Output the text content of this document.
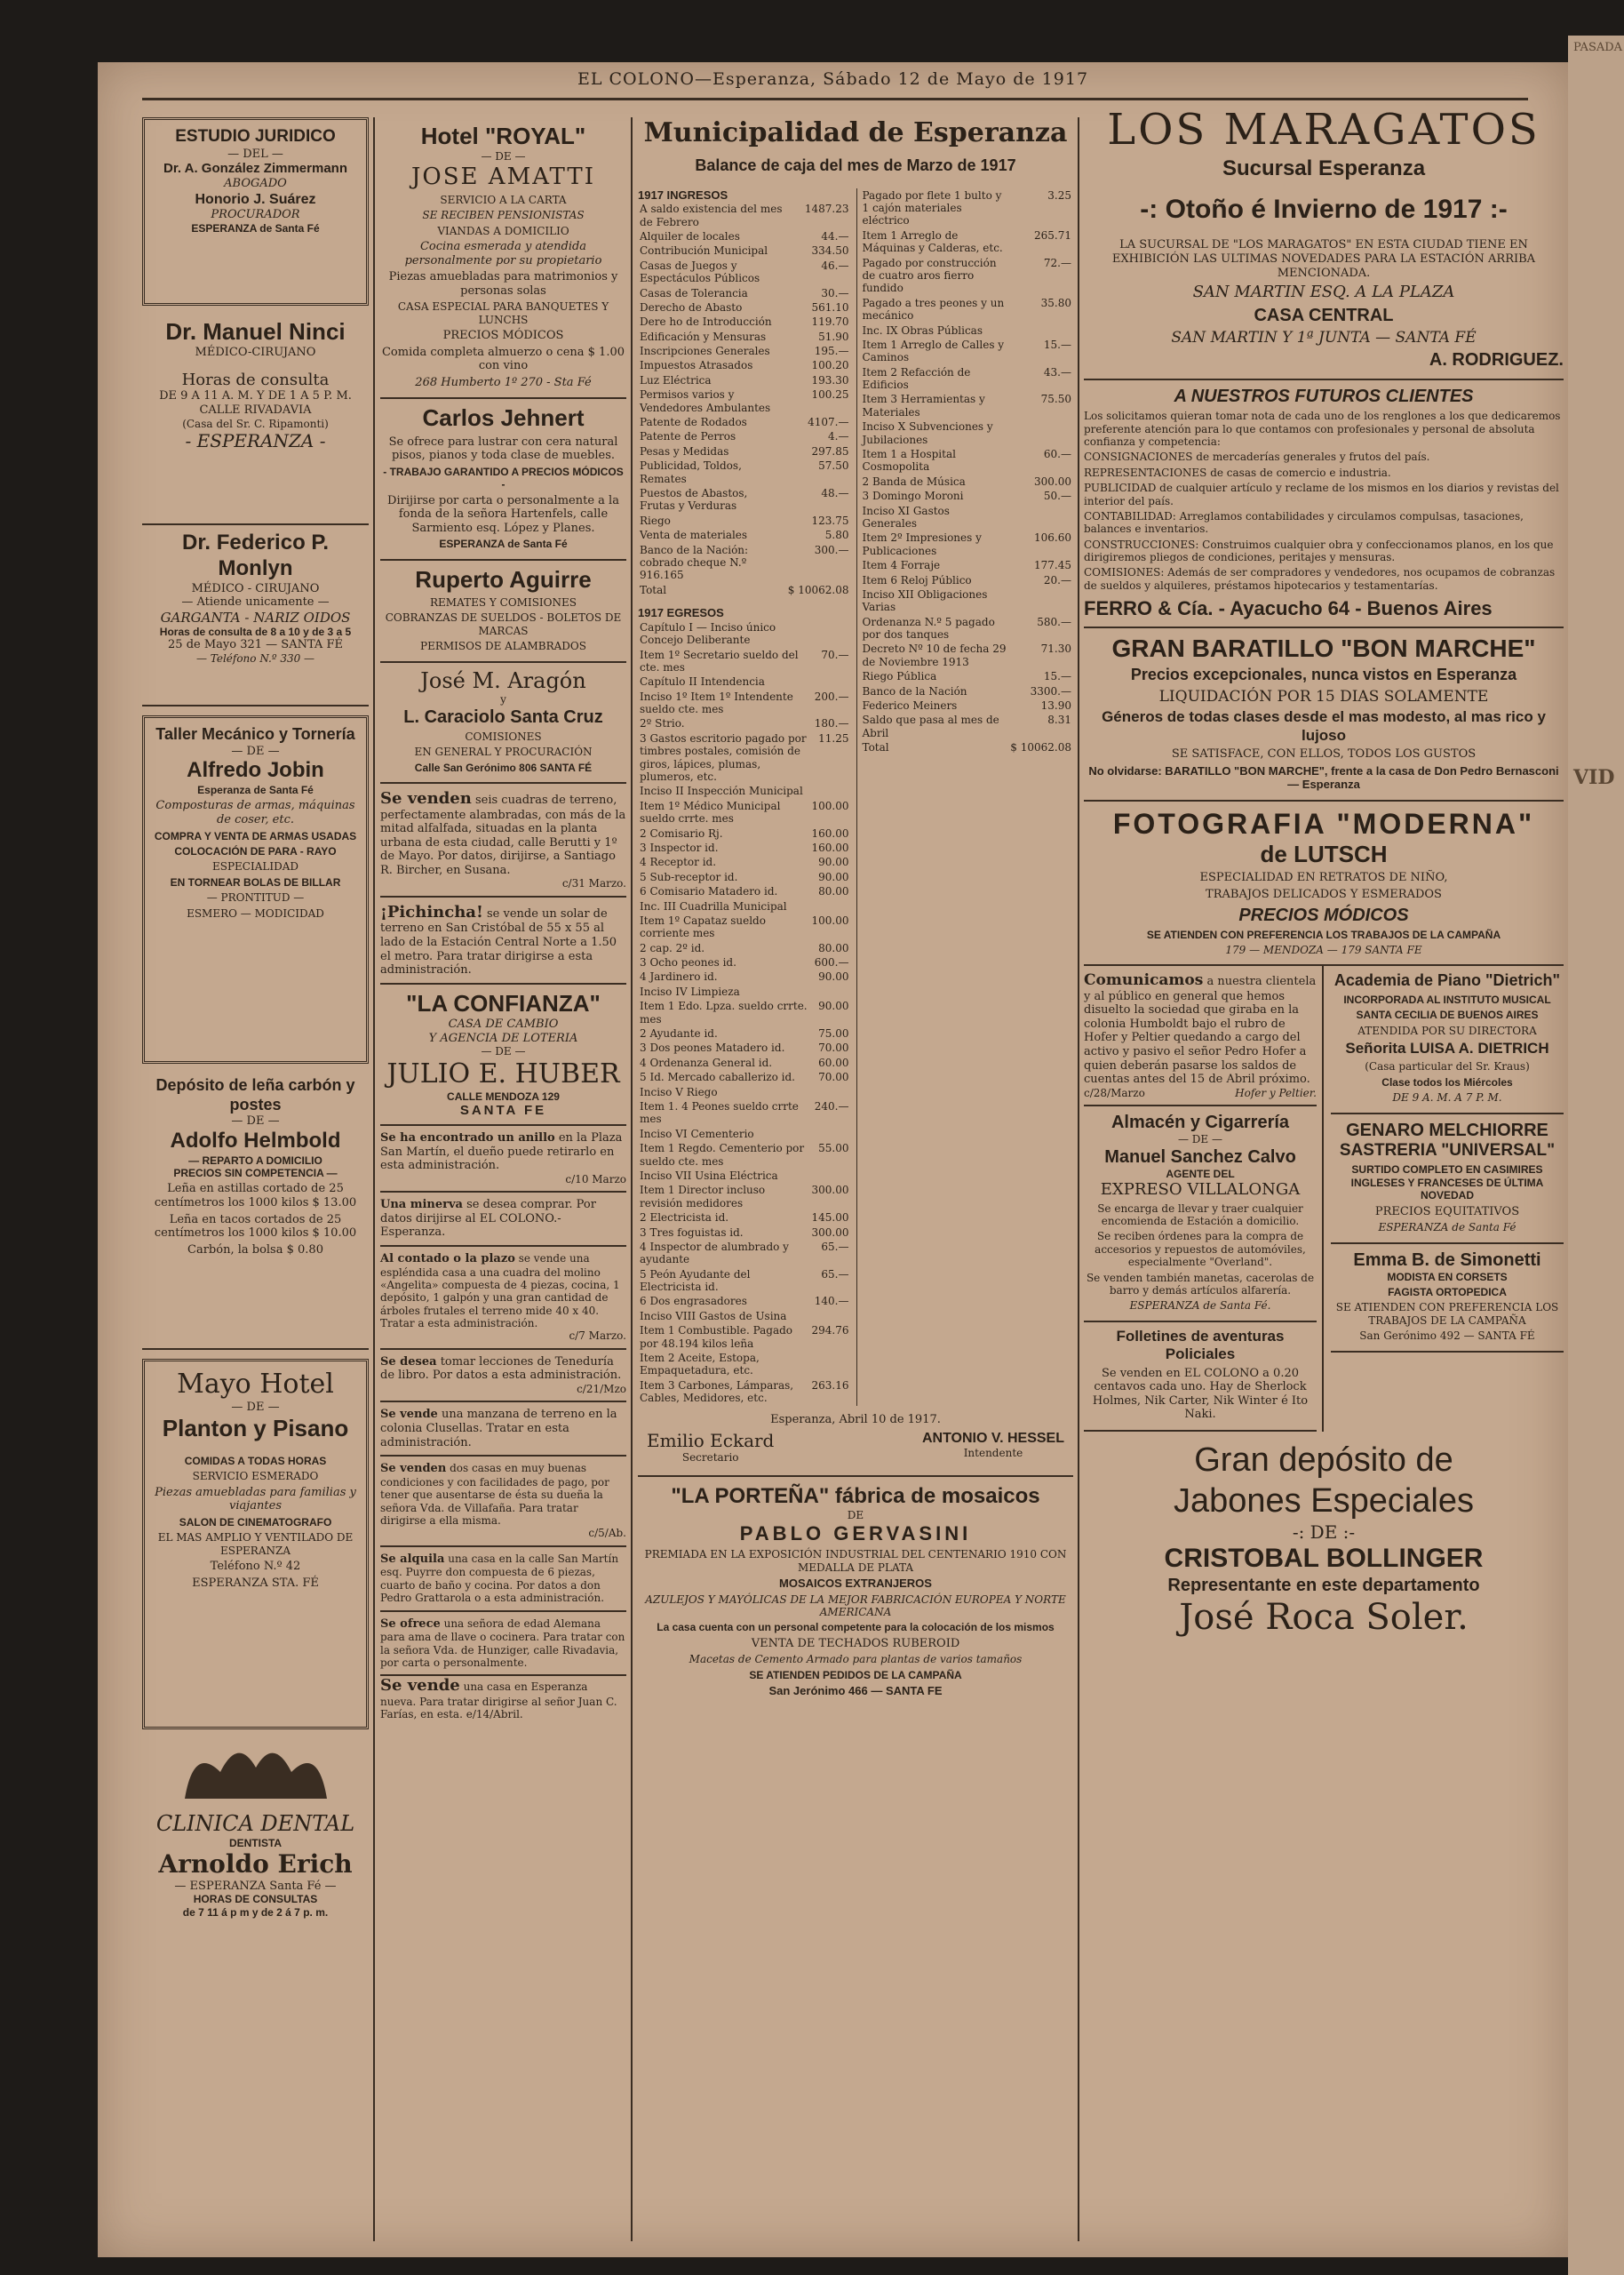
PASADA
VID
EL COLONO—Esperanza, Sábado 12 de Mayo de 1917
ESTUDIO JURIDICO
— DEL —
Dr. A. González Zimmermann
ABOGADO
Honorio J. Suárez
PROCURADOR
ESPERANZA de Santa Fé
Dr. Manuel Ninci
MÉDICO-CIRUJANO
Horas de consulta
DE 9 A 11 A. M. Y DE 1 A 5 P. M.
CALLE RIVADAVIA
(Casa del Sr. C. Ripamonti)
- ESPERANZA -
Dr. Federico P. Monlyn
MÉDICO - CIRUJANO
— Atiende unicamente —
GARGANTA - NARIZ OIDOS
Horas de consulta de 8 a 10 y de 3 a 5
25 de Mayo 321 — SANTA FÉ
— Teléfono N.º 330 —
Taller Mecánico y Tornería
— DE —
Alfredo Jobin
Esperanza de Santa Fé

Composturas de armas, máquinas de coser, etc.

COMPRA Y VENTA DE ARMAS USADAS

COLOCACIÓN DE PARA - RAYO

ESPECIALIDAD

EN TORNEAR BOLAS DE BILLAR

— PRONTITUD —

ESMERO — MODICIDAD

Depósito de leña carbón y postes
— DE —
Adolfo Helmbold
— REPARTO A DOMICILIO
PRECIOS SIN COMPETENCIA —

Leña en astillas cortado de 25 centímetros los 1000 kilos $ 13.00

Leña en tacos cortados de 25 centímetros los 1000 kilos $ 10.00

Carbón, la bolsa $ 0.80

Mayo Hotel
— DE —
Planton y Pisano

COMIDAS A TODAS HORAS

SERVICIO ESMERADO

Piezas amuebladas para familias y viajantes

SALON DE CINEMATOGRAFO

EL MAS AMPLIO Y VENTILADO DE ESPERANZA

Teléfono N.º 42

ESPERANZA STA. FÉ

CLINICA DENTAL
DENTISTA
Arnoldo Erich
— ESPERANZA Santa Fé —
HORAS DE CONSULTAS
de 7 11 á p m y de 2 á 7 p. m.
Hotel "ROYAL"
— DE —
JOSE AMATTI

SERVICIO A LA CARTA

SE RECIBEN PENSIONISTAS

VIANDAS A DOMICILIO

Cocina esmerada y atendida personalmente por su propietario

Piezas amuebladas para matrimonios y personas solas

CASA ESPECIAL PARA BANQUETES Y LUNCHS

PRECIOS MÓDICOS

Comida completa almuerzo o cena $ 1.00 con vino

268 Humberto 1º 270 - Sta Fé

Carlos Jehnert

Se ofrece para lustrar con cera natural pisos, pianos y toda clase de muebles.

- TRABAJO GARANTIDO A PRECIOS MÓDICOS -

Dirijirse por carta o personalmente a la fonda de la señora Hartenfels, calle Sarmiento esq. López y Planes.

ESPERANZA de Santa Fé

Ruperto Aguirre

REMATES Y COMISIONES

COBRANZAS DE SUELDOS - BOLETOS DE MARCAS

PERMISOS DE ALAMBRADOS

José M. Aragón
y
L. Caraciolo Santa Cruz

COMISIONES

EN GENERAL Y PROCURACIÓN

Calle San Gerónimo 806 SANTA FÉ

Se venden seis cuadras de terreno, perfectamente alambradas, con más de la mitad alfalfada, situadas en la planta urbana de esta ciudad, calle Berutti y 1º de Mayo. Por datos, dirijirse, a Santiago R. Bircher, en Susana.
c/31 Marzo.
¡Pichincha! se vende un solar de terreno en San Cristóbal de 55 x 55 al lado de la Estación Central Norte a 1.50 el metro. Para tratar dirigirse a esta administración.
"LA CONFIANZA"
CASA DE CAMBIO
Y AGENCIA DE LOTERIA
— DE —
JULIO E. HUBER
CALLE MENDOZA 129
SANTA FE
Se ha encontrado un anillo en la Plaza San Martín, el dueño puede retirarlo en esta administración.
c/10 Marzo
Una minerva se desea comprar. Por datos dirijirse al EL COLONO.- Esperanza.
Al contado o la plazo se vende una espléndida casa a una cuadra del molino «Angelita» compuesta de 4 piezas, cocina, 1 depósito, 1 galpón y una gran cantidad de árboles frutales el terreno mide 40 x 40. Tratar a esta administración.
c/7 Marzo.
Se desea tomar lecciones de Teneduría de libro. Por datos a esta administración.
c/21/Mzo
Se vende una manzana de terreno en la colonia Clusellas. Tratar en esta administración.
Se venden dos casas en muy buenas condiciones y con facilidades de pago, por tener que ausentarse de ésta su dueña la señora Vda. de Villafaña. Para tratar dirigirse a ella misma.
c/5/Ab.
Se alquila una casa en la calle San Martín esq. Puyrre don compuesta de 6 piezas, cuarto de baño y cocina. Por datos a don Pedro Grattarola o a esta administración.
Se ofrece una señora de edad Alemana para ama de llave o cocinera. Para tratar con la señora Vda. de Hunziger, calle Rivadavia, por carta o personalmente.
Se vende una casa en Esperanza nueva. Para tratar dirigirse al señor Juan C. Farías, en esta. e/14/Abril.
Municipalidad de Esperanza
Balance de caja del mes de Marzo de 1917
1917 INGRESOS
A saldo existencia del mes de Febrero	1487.23
Alquiler de locales	44.—
Contribución Municipal	334.50
Casas de Juegos y Espectáculos Públicos	46.—
Casas de Tolerancia	30.—
Derecho de Abasto	561.10
Dere ho de Introducción	119.70
Edificación y Mensuras	51.90
Inscripciones Generales	195.—
Impuestos Atrasados	100.20
Luz Eléctrica	193.30
Permisos varios y Vendedores Ambulantes	100.25
Patente de Rodados	4107.—
Patente de Perros	4.—
Pesas y Medidas	297.85
Publicidad, Toldos, Remates	57.50
Puestos de Abastos, Frutas y Verduras	48.—
Riego	123.75
Venta de materiales	5.80
Banco de la Nación: cobrado cheque N.º 916.165	300.—
Total	$ 10062.08
1917 EGRESOS
Capítulo I — Inciso único Concejo Deliberante	
Item 1º Secretario sueldo del cte. mes	70.—
Capítulo II Intendencia	
Inciso 1º Item 1º Intendente sueldo cte. mes	200.—
2º Strio.	180.—
3 Gastos escritorio pagado por timbres postales, comisión de giros, lápices, plumas, plumeros, etc.	11.25
Inciso II Inspección Municipal	
Item 1º Médico Municipal sueldo crrte. mes	100.00
2 Comisario Rj.	160.00
3 Inspector id.	160.00
4 Receptor id.	90.00
5 Sub-receptor id.	90.00
6 Comisario Matadero id.	80.00
Inc. III Cuadrilla Municipal	
Item 1º Capataz sueldo corriente mes	100.00
2 cap. 2º id.	80.00
3 Ocho peones id.	600.—
4 Jardinero id.	90.00
Inciso IV Limpieza	
Item 1 Edo. Lpza. sueldo crrte. mes	90.00
2 Ayudante id.	75.00
3 Dos peones Matadero id.	70.00
4 Ordenanza General id.	60.00
5 Id. Mercado caballerizo id.	70.00
Inciso V Riego	
Item 1. 4 Peones sueldo crrte mes	240.—
Inciso VI Cementerio	
Item 1 Regdo. Cementerio por sueldo cte. mes	55.00
Inciso VII Usina Eléctrica	
Item 1 Director incluso revisión medidores	300.00
2 Electricista id.	145.00
3 Tres foguistas id.	300.00
4 Inspector de alumbrado y ayudante	65.—
5 Peón Ayudante del Electricista id.	65.—
6 Dos engrasadores	140.—
Inciso VIII Gastos de Usina	
Item 1 Combustible. Pagado por 48.194 kilos leña	294.76
Item 2 Aceite, Estopa, Empaquetadura, etc.	
Item 3 Carbones, Lámparas, Cables, Medidores, etc.	263.16
Pagado por flete 1 bulto y 1 cajón materiales eléctrico	3.25
Item 1 Arreglo de Máquinas y Calderas, etc.	265.71
Pagado por construcción de cuatro aros fierro fundido	72.—
Pagado a tres peones y un mecánico	35.80
Inc. IX Obras Públicas	
Item 1 Arreglo de Calles y Caminos	15.—
Item 2 Refacción de Edificios	43.—
Item 3 Herramientas y Materiales	75.50
Inciso X Subvenciones y Jubilaciones	
Item 1 a Hospital Cosmopolita	60.—
2 Banda de Música	300.00
3 Domingo Moroni	50.—
Inciso XI Gastos Generales	
Item 2º Impresiones y Publicaciones	106.60
Item 4 Forraje	177.45
Item 6 Reloj Público	20.—
Inciso XII Obligaciones Varias	
Ordenanza N.º 5 pagado por dos tanques	580.—
Decreto Nº 10 de fecha 29 de Noviembre 1913	71.30
Riego Pública	15.—
Banco de la Nación	3300.—
Federico Meiners	13.90
Saldo que pasa al mes de Abril	8.31
Total	$ 10062.08
Esperanza, Abril 10 de 1917.
Emilio Eckard
Secretario
ANTONIO V. HESSEL
Intendente
"LA PORTEÑA" fábrica de mosaicos
DE
PABLO GERVASINI

PREMIADA EN LA EXPOSICIÓN INDUSTRIAL DEL CENTENARIO 1910 CON MEDALLA DE PLATA

MOSAICOS EXTRANJEROS

AZULEJOS Y MAYÓLICAS DE LA MEJOR FABRICACIÓN EUROPEA Y NORTE AMERICANA

La casa cuenta con un personal competente para la colocación de los mismos

VENTA DE TECHADOS RUBEROID

Macetas de Cemento Armado para plantas de varios tamaños

SE ATIENDEN PEDIDOS DE LA CAMPAÑA

San Jerónimo 466 — SANTA FE

LOS MARAGATOS
Sucursal Esperanza
-: Otoño é Invierno de 1917 :-

LA SUCURSAL DE "LOS MARAGATOS" EN ESTA CIUDAD TIENE EN EXHIBICIÓN LAS ULTIMAS NOVEDADES PARA LA ESTACIÓN ARRIBA MENCIONADA.

SAN MARTIN ESQ. A LA PLAZA

CASA CENTRAL

SAN MARTIN Y 1ª JUNTA — SANTA FÉ

A. RODRIGUEZ.

A NUESTROS FUTUROS CLIENTES

Los solicitamos quieran tomar nota de cada uno de los renglones a los que dedicaremos preferente atención para lo que contamos con profesionales y personal de absoluta confianza y competencia:

CONSIGNACIONES de mercaderías generales y frutos del país.

REPRESENTACIONES de casas de comercio e industria.

PUBLICIDAD de cualquier artículo y reclame de los mismos en los diarios y revistas del interior del país.

CONTABILIDAD: Arreglamos contabilidades y circulamos compulsas, tasaciones, balances e inventarios.

CONSTRUCCIONES: Construimos cualquier obra y confeccionamos planos, en los que dirigiremos pliegos de condiciones, peritajes y mensuras.

COMISIONES: Además de ser compradores y vendedores, nos ocupamos de cobranzas de sueldos y alquileres, préstamos hipotecarios y testamentarías.

FERRO & Cía. - Ayacucho 64 - Buenos Aires
GRAN BARATILLO "BON MARCHE"

Precios excepcionales, nunca vistos en Esperanza

LIQUIDACIÓN POR 15 DIAS SOLAMENTE

Géneros de todas clases desde el mas modesto, al mas rico y lujoso

SE SATISFACE, CON ELLOS, TODOS LOS GUSTOS

No olvidarse: BARATILLO "BON MARCHE", frente a la casa de Don Pedro Bernasconi — Esperanza

FOTOGRAFIA "MODERNA"
de LUTSCH

ESPECIALIDAD EN RETRATOS DE NIÑO,

TRABAJOS DELICADOS Y ESMERADOS

PRECIOS MÓDICOS

SE ATIENDEN CON PREFERENCIA LOS TRABAJOS DE LA CAMPAÑA

179 — MENDOZA — 179 SANTA FE

Comunicamos a nuestra clientela y al público en general que hemos disuelto la sociedad que giraba en la colonia Humboldt bajo el rubro de Hofer y Peltier quedando a cargo del activo y pasivo el señor Pedro Hofer a quien deberán pasarse los saldos de cuentas antes del 15 de Abril próximo.
c/28/Marzo	Hofer y Peltier.
Almacén y Cigarrería
— DE —
Manuel Sanchez Calvo
AGENTE DEL
EXPRESO VILLALONGA

Se encarga de llevar y traer cualquier encomienda de Estación a domicilio.

Se reciben órdenes para la compra de accesorios y repuestos de automóviles, especialmente "Overland".

Se venden también manetas, cacerolas de barro y demás artículos alfarería.

ESPERANZA de Santa Fé.

Folletines de aventuras Policiales

Se venden en EL COLONO a 0.20 centavos cada uno. Hay de Sherlock Holmes, Nik Carter, Nik Winter é Ito Naki.

Academia de Piano "Dietrich"

INCORPORADA AL INSTITUTO MUSICAL

SANTA CECILIA DE BUENOS AIRES

ATENDIDA POR SU DIRECTORA

Señorita LUISA A. DIETRICH

(Casa particular del Sr. Kraus)

Clase todos los Miércoles

DE 9 A. M. A 7 P. M.

GENARO MELCHIORRE
SASTRERIA "UNIVERSAL"

SURTIDO COMPLETO EN CASIMIRES INGLESES Y FRANCESES DE ÚLTIMA NOVEDAD

PRECIOS EQUITATIVOS

ESPERANZA de Santa Fé

Emma B. de Simonetti
MODISTA EN CORSETS

FAGISTA ORTOPEDICA

SE ATIENDEN CON PREFERENCIA LOS TRABAJOS DE LA CAMPAÑA

San Gerónimo 492 — SANTA FÉ

Gran depósito de
Jabones Especiales
-: DE :-
CRISTOBAL BOLLINGER
Representante en este departamento
José Roca Soler.
